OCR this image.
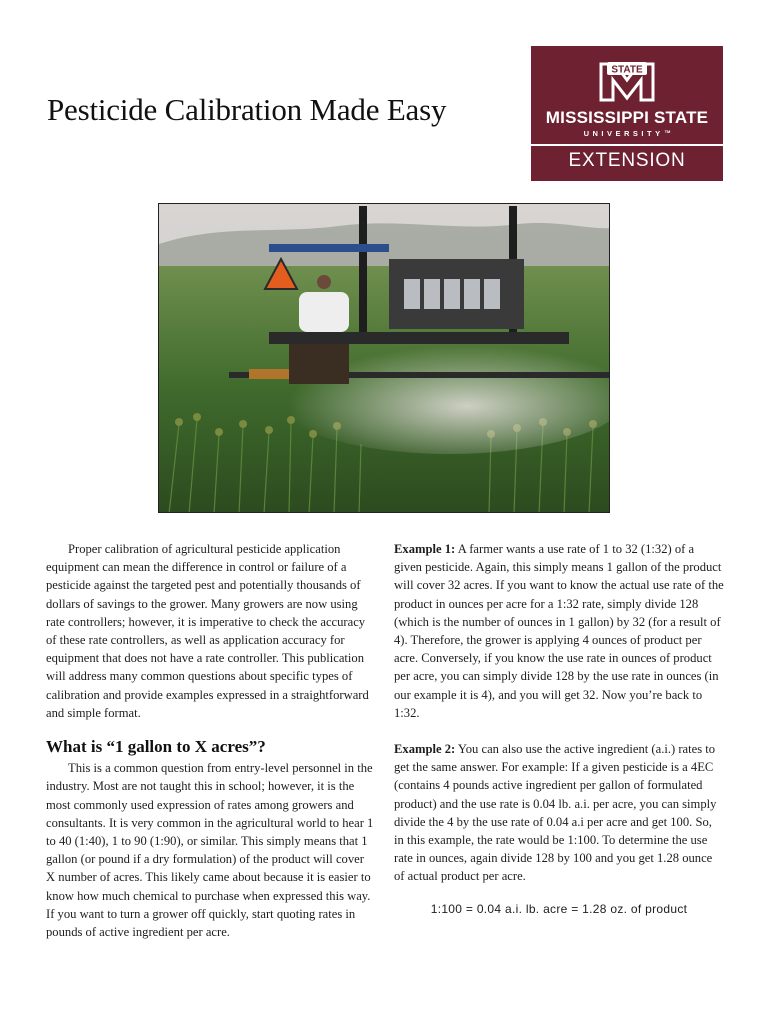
Pesticide Calibration Made Easy
STATE
MISSISSIPPI STATE
UNIVERSITY™
EXTENSION

Proper calibration of agricultural pesticide application equipment can mean the difference in control or failure of a pesticide against the targeted pest and potentially thousands of dollars of savings to the grower. Many growers are now using rate controllers; however, it is imperative to check the accuracy of these rate controllers, as well as application accuracy for equipment that does not have a rate controller. This publication will address many common questions about specific types of calibration and provide examples expressed in a straightforward and simple format.

What is “1 gallon to X acres”?

This is a common question from entry-level personnel in the industry. Most are not taught this in school; however, it is the most commonly used expression of rates among growers and consultants. It is very common in the agricultural world to hear 1 to 40 (1:40), 1 to 90 (1:90), or similar. This simply means that 1 gallon (or pound if a dry formulation) of the product will cover X number of acres. This likely came about because it is easier to know how much chemical to purchase when expressed this way. If you want to turn a grower off quickly, start quoting rates in pounds of active ingredient per acre.

Example 1: A farmer wants a use rate of 1 to 32 (1:32) of a given pesticide. Again, this simply means 1 gallon of the product will cover 32 acres. If you want to know the actual use rate of the product in ounces per acre for a 1:32 rate, simply divide 128 (which is the number of ounces in 1 gallon) by 32 (for a result of 4). Therefore, the grower is applying 4 ounces of product per acre. Conversely, if you know the use rate in ounces of product per acre, you can simply divide 128 by the use rate in ounces (in our example it is 4), and you will get 32. Now you’re back to 1:32.

Example 2: You can also use the active ingredient (a.i.) rates to get the same answer. For example: If a given pesticide is a 4EC (contains 4 pounds active ingredient per gallon of formulated product) and the use rate is 0.04 lb. a.i. per acre, you can simply divide the 4 by the use rate of 0.04 a.i per acre and get 100. So, in this example, the rate would be 1:100. To determine the use rate in ounces, again divide 128 by 100 and you get 1.28 ounce of actual product per acre.

1:100 = 0.04 a.i. lb. acre = 1.28 oz. of product
